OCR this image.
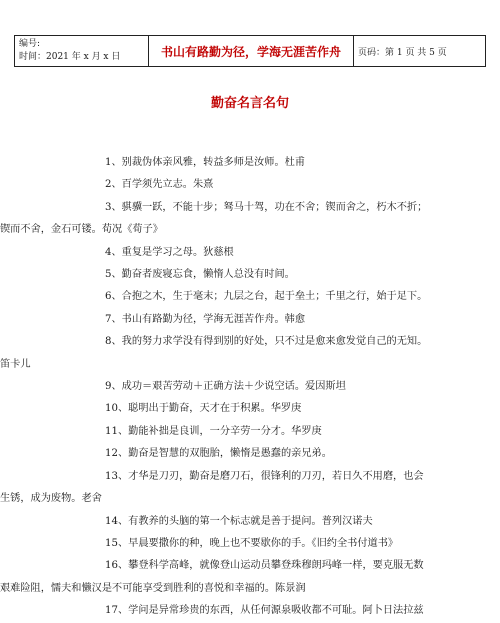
编号:
时间：2021 年 x 月 x 日	书山有路勤为径，学海无涯苦作舟 页码：第 1 页 共 5 页
勤奋名言名句
1、别裁伪体亲风雅，转益多师是汝师。杜甫
2、百学须先立志。朱熹
3、骐骥一跃，不能十步；驽马十驾，功在不舍；锲而舍之，朽木不折；
锲而不舍，金石可镂。荀况《荀子》
4、重复是学习之母。狄慈根
5、勤奋者废寝忘食，懒惰人总没有时间。
6、合抱之木，生于毫末；九层之台，起于垒土；千里之行，始于足下。
7、书山有路勤为径，学海无涯苦作舟。韩愈
8、我的努力求学没有得到别的好处，只不过是愈来愈发觉自己的无知。
笛卡儿
9、成功＝艰苦劳动＋正确方法＋少说空话。爱因斯坦
10、聪明出于勤奋，天才在于积累。华罗庚
11、勤能补拙是良训，一分辛劳一分才。华罗庚
12、勤奋是智慧的双胞胎，懒惰是愚蠢的亲兄弟。
13、才华是刀刃，勤奋是磨刀石，很锋利的刀刃，若日久不用磨，也会
生锈，成为废物。老舍
14、有教养的头脑的第一个标志就是善于提问。普列汉诺夫
15、早晨要撒你的种，晚上也不要歇你的手。《旧约全书付道书》
16、攀登科学高峰，就像登山运动员攀登珠穆朗玛峰一样，要克服无数
艰难险阻，懦夫和懒汉是不可能享受到胜利的喜悦和幸福的。陈景润
17、学问是异常珍贵的东西，从任何源泉吸收都不可耻。阿卜日法拉兹
